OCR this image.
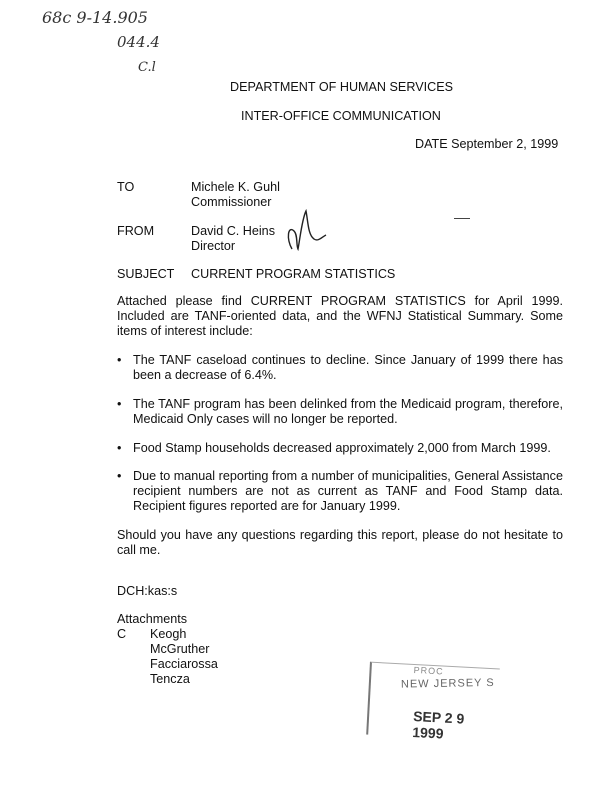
68c 9-14.905
044.4
C.l
DEPARTMENT OF HUMAN SERVICES
INTER-OFFICE COMMUNICATION
DATE September 2, 1999
TO	Michele K. Guhl
Commissioner
FROM	David C. Heins
Director
SUBJECT CURRENT PROGRAM STATISTICS
Attached please find CURRENT PROGRAM STATISTICS for April 1999. Included are TANF-oriented data, and the WFNJ Statistical Summary. Some items of interest include:
• The TANF caseload continues to decline. Since January of 1999 there has been a decrease of 6.4%.
• The TANF program has been delinked from the Medicaid program, therefore, Medicaid Only cases will no longer be reported.
• Food Stamp households decreased approximately 2,000 from March 1999.
• Due to manual reporting from a number of municipalities, General Assistance recipient numbers are not as current as TANF and Food Stamp data. Recipient figures reported are for January 1999.
Should you have any questions regarding this report, please do not hesitate to call me.
DCH:kas:s
Attachments
C Keogh
McGruther
Facciarossa
Tencza
PROC
NEW JERSEY S
SEP 2 9 1999
